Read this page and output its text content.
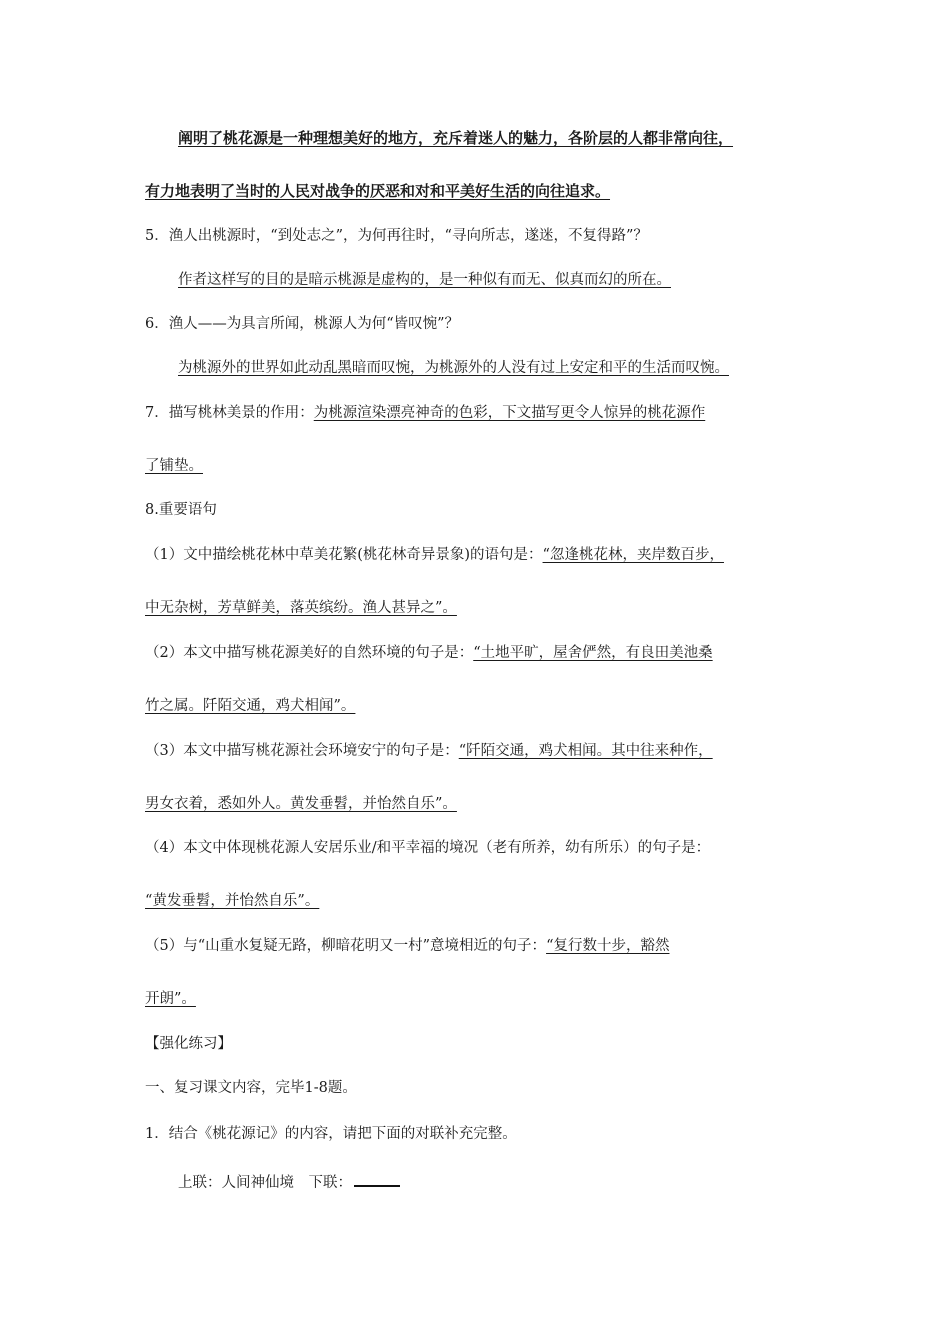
阐明了桃花源是一种理想美好的地方，充斥着迷人的魅力，各阶层的人都非常向往，
有力地表明了当时的人民对战争的厌恶和对和平美好生活的向往追求。
5．渔人出桃源时，“到处志之”，为何再往时，“寻向所志，遂迷，不复得路”？
作者这样写的目的是暗示桃源是虚构的，是一种似有而无、似真而幻的所在。
6．渔人——为具言所闻，桃源人为何“皆叹惋”？
为桃源外的世界如此动乱黑暗而叹惋，为桃源外的人没有过上安定和平的生活而叹惋。
7．描写桃林美景的作用：为桃源渲染漂亮神奇的色彩，下文描写更令人惊异的桃花源作
了铺垫。
8.重要语句
（1）文中描绘桃花林中草美花繁(桃花林奇异景象)的语句是：“忽逢桃花林，夹岸数百步，
中无杂树，芳草鲜美，落英缤纷。渔人甚异之”。
（2）本文中描写桃花源美好的自然环境的句子是：“土地平旷，屋舍俨然，有良田美池桑
竹之属。阡陌交通，鸡犬相闻”。
（3）本文中描写桃花源社会环境安宁的句子是：“阡陌交通，鸡犬相闻。其中往来种作，
男女衣着，悉如外人。黄发垂髫，并怡然自乐”。
（4）本文中体现桃花源人安居乐业/和平幸福的境况（老有所养，幼有所乐）的句子是：
“黄发垂髫，并怡然自乐”。
（5）与“山重水复疑无路，柳暗花明又一村”意境相近的句子：“复行数十步，豁然
开朗”。
【强化练习】
一、复习课文内容，完毕1-8题。
1．结合《桃花源记》的内容，请把下面的对联补充完整。
上联：人间神仙境　下联：
